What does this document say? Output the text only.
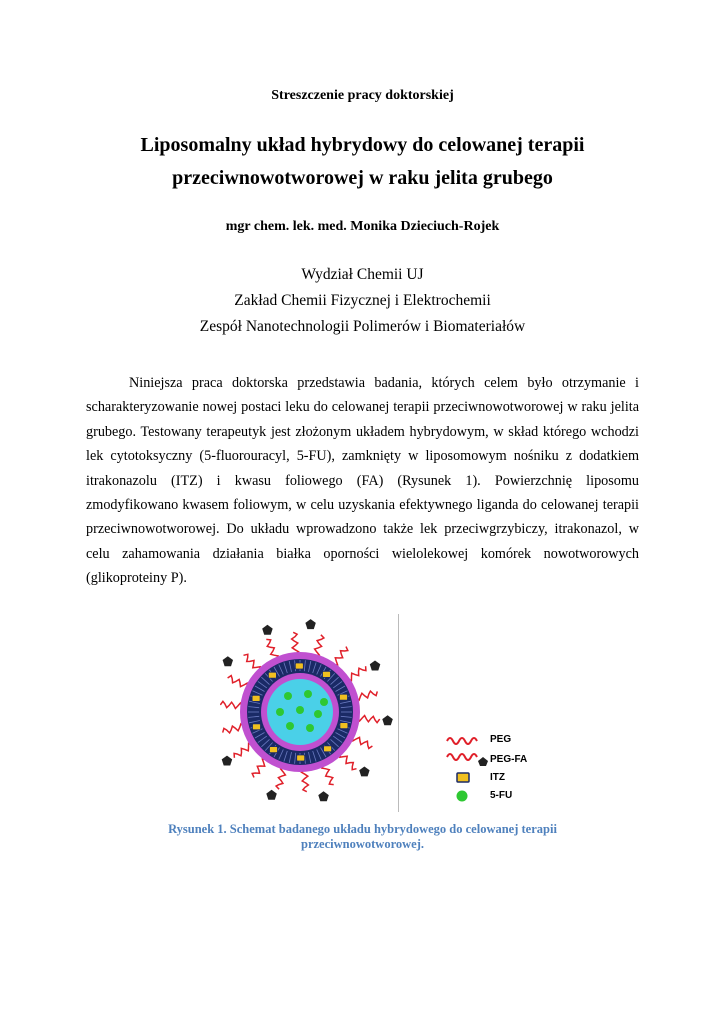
Streszczenie pracy doktorskiej
Liposomalny układ hybrydowy do celowanej terapii
przeciwnowotworowej w raku jelita grubego
mgr chem. lek. med. Monika Dzieciuch-Rojek
Wydział Chemii UJ
Zakład Chemii Fizycznej i Elektrochemii
Zespół Nanotechnologii Polimerów i Biomateriałów

Niniejsza praca doktorska przedstawia badania, których celem było otrzymanie i scharakteryzowanie nowej postaci leku do celowanej terapii przeciwnowotworowej w raku jelita grubego. Testowany terapeutyk jest złożonym układem hybrydowym, w skład którego wchodzi lek cytotoksyczny (5-fluorouracyl, 5-FU), zamknięty w liposomowym nośniku z dodatkiem itrakonazolu (ITZ) i kwasu foliowego (FA) (Rysunek 1). Powierzchnię liposomu zmodyfikowano kwasem foliowym, w celu uzyskania efektywnego liganda do celowanej terapii przeciwnowotworowej. Do układu wprowadzono także lek przeciwgrzybiczy, itrakonazol, w celu zahamowania działania białka oporności wielolekowej komórek nowotworowych (glikoproteiny P).

PEG
PEG-FA
ITZ
5-FU
Rysunek 1. Schemat badanego układu hybrydowego do celowanej terapii
przeciwnowotworowej.
